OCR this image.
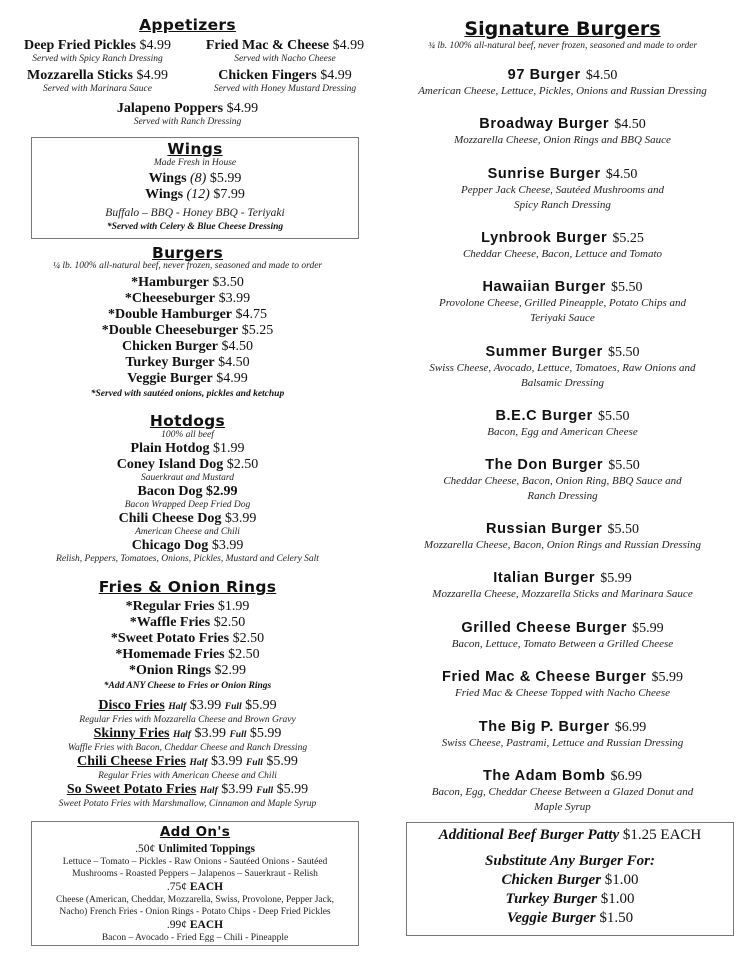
Appetizers
Deep Fried Pickles $4.99
Served with Spicy Ranch Dressing
Fried Mac & Cheese $4.99
Served with Nacho Cheese
Mozzarella Sticks $4.99
Served with Marinara Sauce
Chicken Fingers $4.99
Served with Honey Mustard Dressing
Jalapeno Poppers $4.99
Served with Ranch Dressing
Wings
Made Fresh in House
Wings (8) $5.99
Wings (12) $7.99
Buffalo – BBQ - Honey BBQ - Teriyaki
*Served with Celery & Blue Cheese Dressing
Burgers
¼ lb. 100% all-natural beef, never frozen, seasoned and made to order
*Hamburger $3.50
*Cheeseburger $3.99
*Double Hamburger $4.75
*Double Cheeseburger $5.25
Chicken Burger $4.50
Turkey Burger $4.50
Veggie Burger $4.99
*Served with sautéed onions, pickles and ketchup
Hotdogs
100% all beef
Plain Hotdog $1.99
Coney Island Dog $2.50
Sauerkraut and Mustard
Bacon Dog $2.99
Bacon Wrapped Deep Fried Dog
Chili Cheese Dog $3.99
American Cheese and Chili
Chicago Dog $3.99
Relish, Peppers, Tomatoes, Onions, Pickles, Mustard and Celery Salt
Fries & Onion Rings
*Regular Fries $1.99
*Waffle Fries $2.50
*Sweet Potato Fries $2.50
*Homemade Fries $2.50
*Onion Rings $2.99
*Add ANY Cheese to Fries or Onion Rings
Disco Fries Half $3.99 Full $5.99
Regular Fries with Mozzarella Cheese and Brown Gravy
Skinny Fries Half $3.99 Full $5.99
Waffle Fries with Bacon, Cheddar Cheese and Ranch Dressing
Chili Cheese Fries Half $3.99 Full $5.99
Regular Fries with American Cheese and Chili
So Sweet Potato Fries Half $3.99 Full $5.99
Sweet Potato Fries with Marshmallow, Cinnamon and Maple Syrup
Add On's
.50¢ Unlimited Toppings
Lettuce – Tomato – Pickles - Raw Onions - Sautéed Onions - Sautéed
Mushrooms - Roasted Peppers – Jalapenos – Sauerkraut - Relish
.75¢ EACH
Cheese (American, Cheddar, Mozzarella, Swiss, Provolone, Pepper Jack,
Nacho) French Fries - Onion Rings - Potato Chips - Deep Fried Pickles
.99¢ EACH
Bacon – Avocado - Fried Egg – Chili - Pineapple
Signature Burgers
¾ lb. 100% all-natural beef, never frozen, seasoned and made to order
97 Burger $4.50
American Cheese, Lettuce, Pickles, Onions and Russian Dressing
Broadway Burger $4.50
Mozzarella Cheese, Onion Rings and BBQ Sauce
Sunrise Burger $4.50
Pepper Jack Cheese, Sautéed Mushrooms and
Spicy Ranch Dressing
Lynbrook Burger $5.25
Cheddar Cheese, Bacon, Lettuce and Tomato
Hawaiian Burger $5.50
Provolone Cheese, Grilled Pineapple, Potato Chips and
Teriyaki Sauce
Summer Burger $5.50
Swiss Cheese, Avocado, Lettuce, Tomatoes, Raw Onions and
Balsamic Dressing
B.E.C Burger $5.50
Bacon, Egg and American Cheese
The Don Burger $5.50
Cheddar Cheese, Bacon, Onion Ring, BBQ Sauce and
Ranch Dressing
Russian Burger $5.50
Mozzarella Cheese, Bacon, Onion Rings and Russian Dressing
Italian Burger $5.99
Mozzarella Cheese, Mozzarella Sticks and Marinara Sauce
Grilled Cheese Burger $5.99
Bacon, Lettuce, Tomato Between a Grilled Cheese
Fried Mac & Cheese Burger $5.99
Fried Mac & Cheese Topped with Nacho Cheese
The Big P. Burger $6.99
Swiss Cheese, Pastrami, Lettuce and Russian Dressing
The Adam Bomb $6.99
Bacon, Egg, Cheddar Cheese Between a Glazed Donut and
Maple Syrup
Additional Beef Burger Patty $1.25 EACH
Substitute Any Burger For:
Chicken Burger $1.00
Turkey Burger $1.00
Veggie Burger $1.50
